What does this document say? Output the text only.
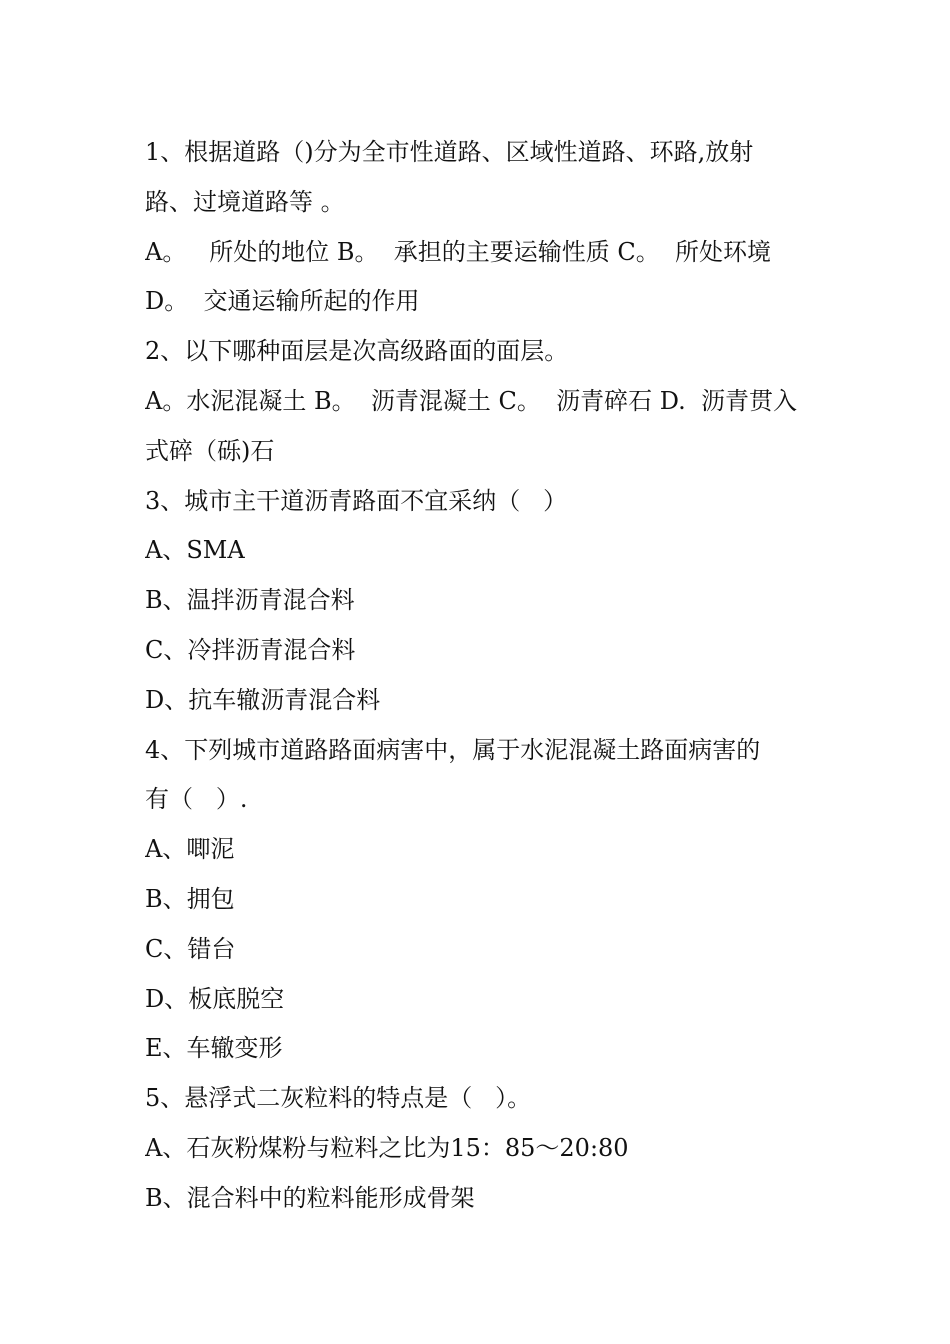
1、根据道路（)分为全市性道路、区域性道路、环路,放射
路、过境道路等 。
A。   所处的地位 B。  承担的主要运输性质 C。  所处环境
D。  交通运输所起的作用
2、以下哪种面层是次高级路面的面层。
A。水泥混凝土 B。  沥青混凝土 C。  沥青碎石 D.  沥青贯入
式碎（砾)石
3、城市主干道沥青路面不宜采纳（   ）
A、SMA
B、温拌沥青混合料
C、冷拌沥青混合料
D、抗车辙沥青混合料
4、下列城市道路路面病害中，属于水泥混凝土路面病害的
有（   ）.
A、唧泥
B、拥包
C、错台
D、板底脱空
E、车辙变形
5、悬浮式二灰粒料的特点是（   ）。
A、石灰粉煤粉与粒料之比为15：85～20:80
B、混合料中的粒料能形成骨架
